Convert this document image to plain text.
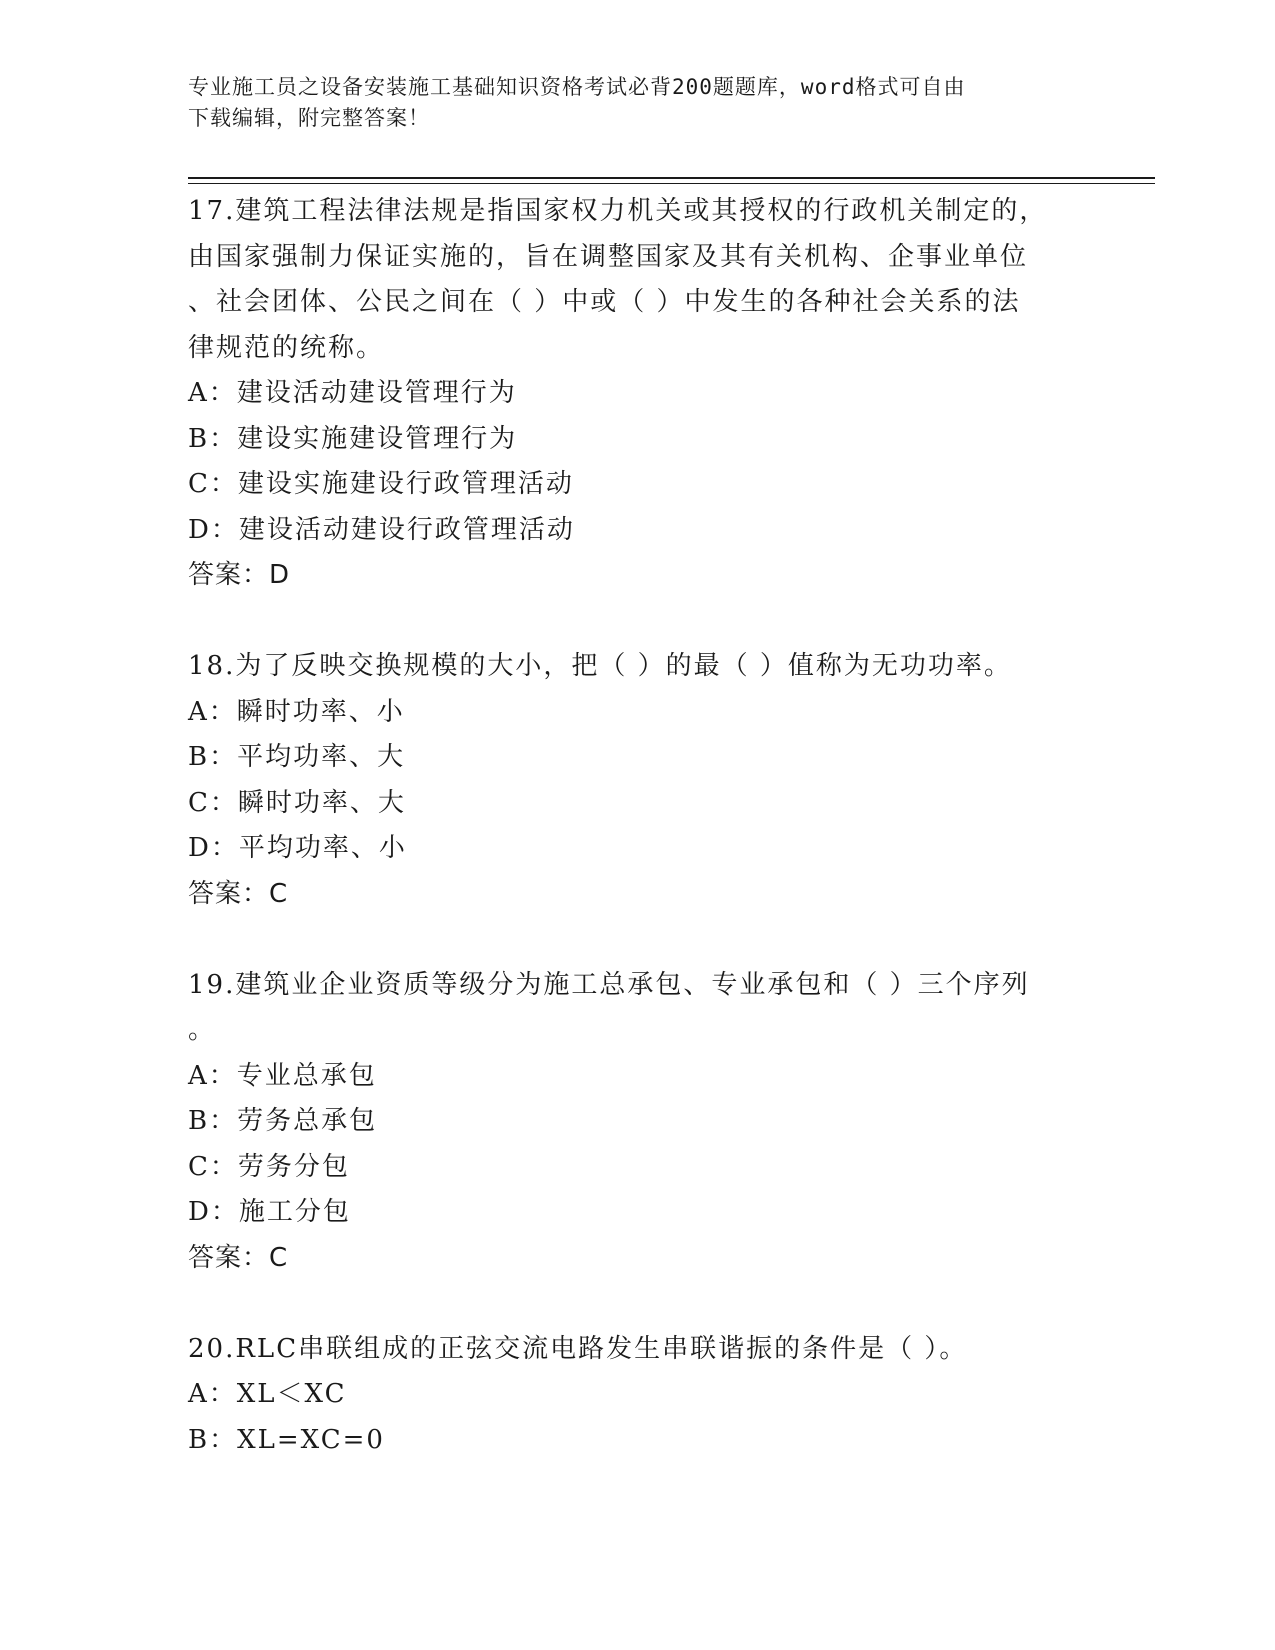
专业施工员之设备安装施工基础知识资格考试必背200题题库，word格式可自由
下载编辑，附完整答案！

17.建筑工程法律法规是指国家权力机关或其授权的行政机关制定的，

由国家强制力保证实施的，旨在调整国家及其有关机构、企事业单位

、社会团体、公民之间在（ ）中或（ ）中发生的各种社会关系的法

律规范的统称。

A：建设活动建设管理行为

B：建设实施建设管理行为

C：建设实施建设行政管理活动

D：建设活动建设行政管理活动

答案：D

18.为了反映交换规模的大小，把（ ）的最（ ）值称为无功功率。

A：瞬时功率、小

B：平均功率、大

C：瞬时功率、大

D：平均功率、小

答案：C

19.建筑业企业资质等级分为施工总承包、专业承包和（ ）三个序列

。

A：专业总承包

B：劳务总承包

C：劳务分包

D：施工分包

答案：C

20.RLC串联组成的正弦交流电路发生串联谐振的条件是（ ）。

A：XL＜XC

B：XL=XC=0
